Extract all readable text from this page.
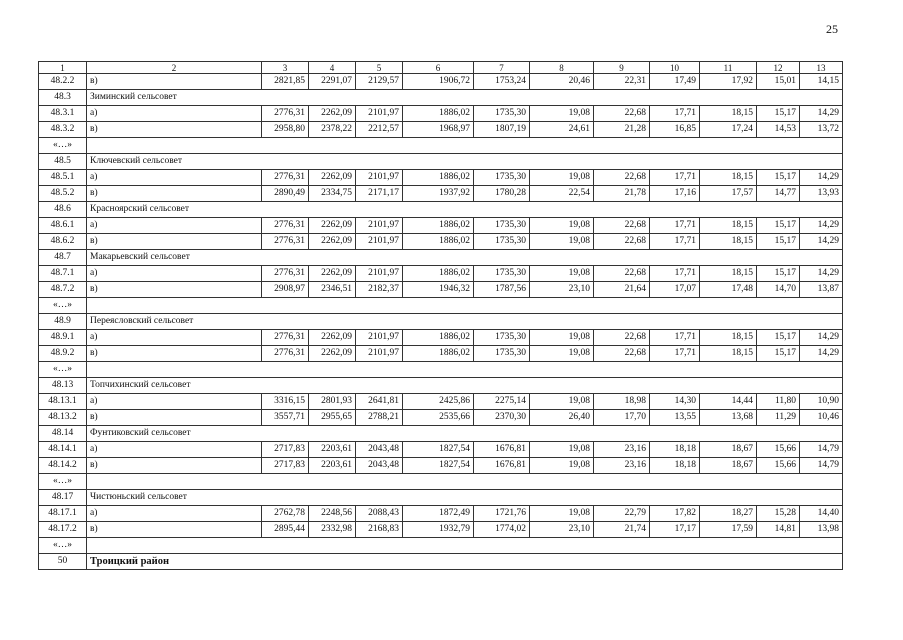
25
1	2	3	4	5	6	7	8	9	10	11	12	13
48.2.2	в)	2821,85	2291,07	2129,57	1906,72	1753,24	20,46	22,31	17,49	17,92	15,01	14,15
48.3	Зиминский сельсовет											
48.3.1	а)	2776,31	2262,09	2101,97	1886,02	1735,30	19,08	22,68	17,71	18,15	15,17	14,29
48.3.2	в)	2958,80	2378,22	2212,57	1968,97	1807,19	24,61	21,28	16,85	17,24	14,53	13,72
«…»												
48.5	Ключевский сельсовет											
48.5.1	а)	2776,31	2262,09	2101,97	1886,02	1735,30	19,08	22,68	17,71	18,15	15,17	14,29
48.5.2	в)	2890,49	2334,75	2171,17	1937,92	1780,28	22,54	21,78	17,16	17,57	14,77	13,93
48.6	Красноярский сельсовет											
48.6.1	а)	2776,31	2262,09	2101,97	1886,02	1735,30	19,08	22,68	17,71	18,15	15,17	14,29
48.6.2	в)	2776,31	2262,09	2101,97	1886,02	1735,30	19,08	22,68	17,71	18,15	15,17	14,29
48.7	Макарьевский сельсовет											
48.7.1	а)	2776,31	2262,09	2101,97	1886,02	1735,30	19,08	22,68	17,71	18,15	15,17	14,29
48.7.2	в)	2908,97	2346,51	2182,37	1946,32	1787,56	23,10	21,64	17,07	17,48	14,70	13,87
«…»												
48.9	Переясловский сельсовет											
48.9.1	а)	2776,31	2262,09	2101,97	1886,02	1735,30	19,08	22,68	17,71	18,15	15,17	14,29
48.9.2	в)	2776,31	2262,09	2101,97	1886,02	1735,30	19,08	22,68	17,71	18,15	15,17	14,29
«…»												
48.13	Топчихинский сельсовет											
48.13.1	а)	3316,15	2801,93	2641,81	2425,86	2275,14	19,08	18,98	14,30	14,44	11,80	10,90
48.13.2	в)	3557,71	2955,65	2788,21	2535,66	2370,30	26,40	17,70	13,55	13,68	11,29	10,46
48.14	Фунтиковский сельсовет											
48.14.1	а)	2717,83	2203,61	2043,48	1827,54	1676,81	19,08	23,16	18,18	18,67	15,66	14,79
48.14.2	в)	2717,83	2203,61	2043,48	1827,54	1676,81	19,08	23,16	18,18	18,67	15,66	14,79
«…»												
48.17	Чистюньский сельсовет											
48.17.1	а)	2762,78	2248,56	2088,43	1872,49	1721,76	19,08	22,79	17,82	18,27	15,28	14,40
48.17.2	в)	2895,44	2332,98	2168,83	1932,79	1774,02	23,10	21,74	17,17	17,59	14,81	13,98
«…»												
50	Троицкий район											
